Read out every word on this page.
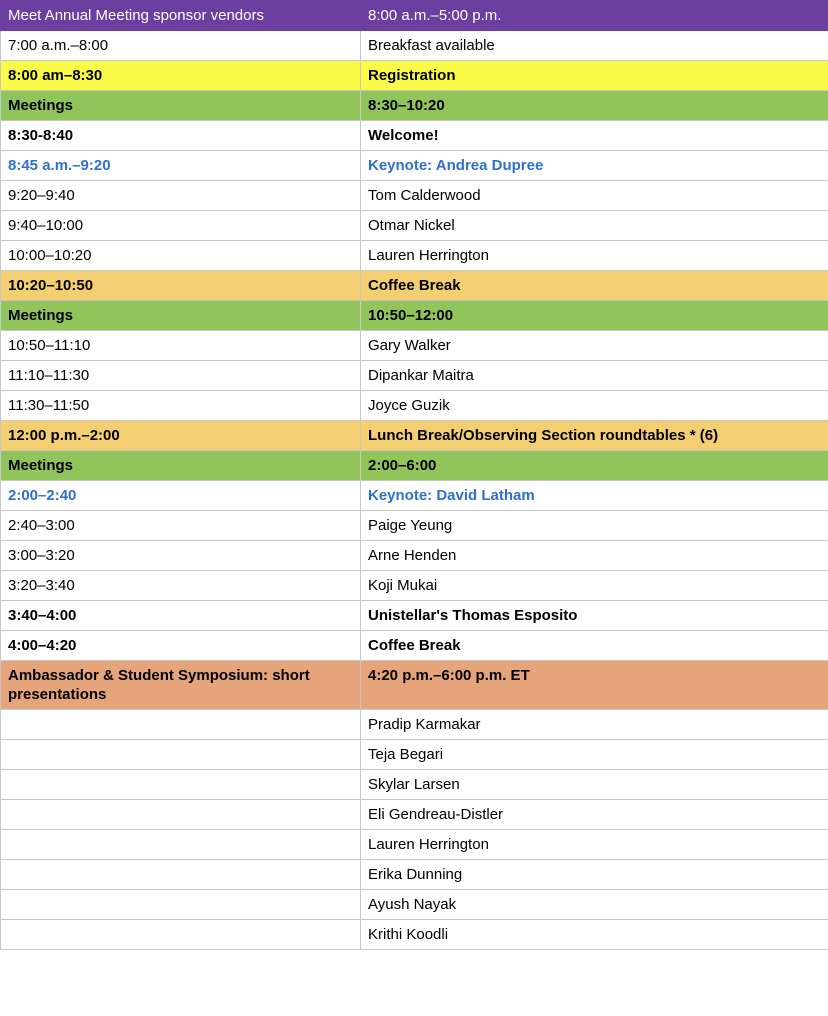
Meet Annual Meeting sponsor vendors	8:00 a.m.–5:00 p.m.
7:00 a.m.–8:00	Breakfast available
8:00 am–8:30	Registration
Meetings	8:30–10:20
8:30-8:40	Welcome!
8:45 a.m.–9:20	Keynote: Andrea Dupree
9:20–9:40	Tom Calderwood
9:40–10:00	Otmar Nickel
10:00–10:20	Lauren Herrington
10:20–10:50	Coffee Break
Meetings	10:50–12:00
10:50–11:10	Gary Walker
11:10–11:30	Dipankar Maitra
11:30–11:50	Joyce Guzik
12:00 p.m.–2:00	Lunch Break/Observing Section roundtables * (6)
Meetings	2:00–6:00
2:00–2:40	Keynote: David Latham
2:40–3:00	Paige Yeung
3:00–3:20	Arne Henden
3:20–3:40	Koji Mukai
3:40–4:00	Unistellar's Thomas Esposito
4:00–4:20	Coffee Break
Ambassador & Student Symposium: short presentations	4:20 p.m.–6:00 p.m. ET
	Pradip Karmakar
	Teja Begari
	Skylar Larsen
	Eli Gendreau-Distler
	Lauren Herrington
	Erika Dunning
	Ayush Nayak
	Krithi Koodli
